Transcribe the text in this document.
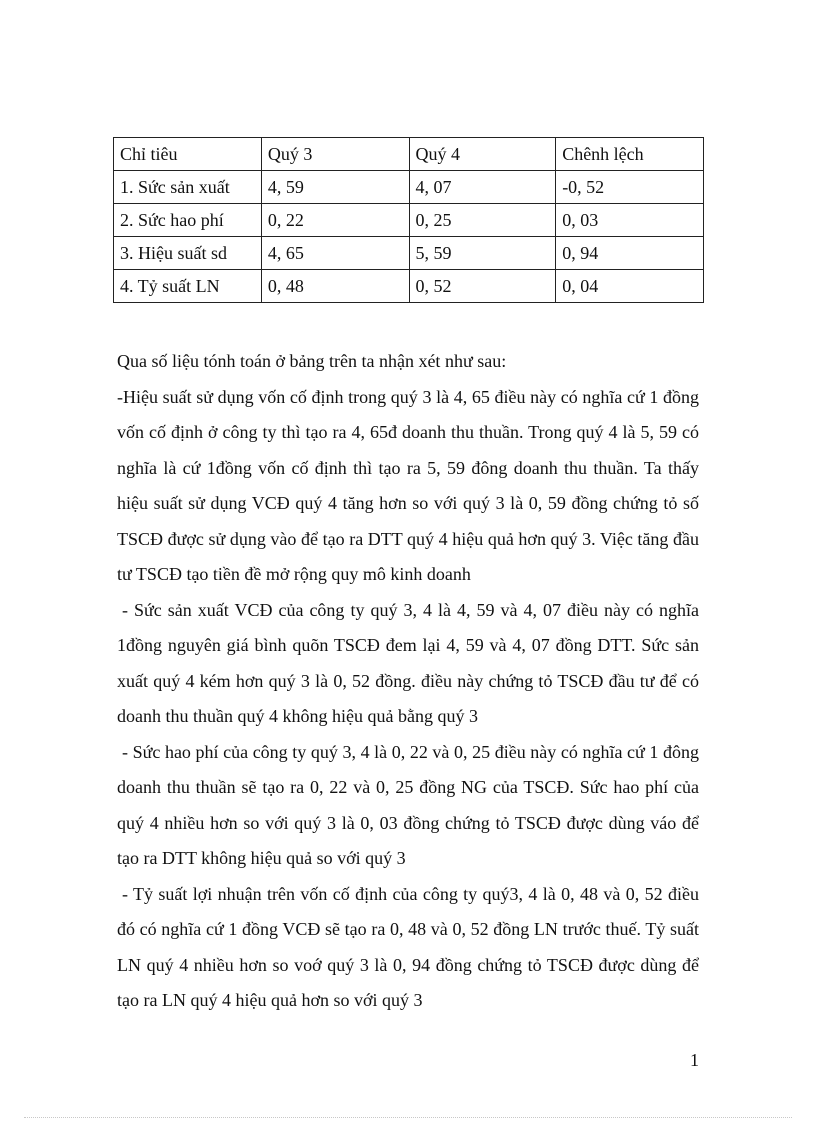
Chỉ tiêu	Quý 3	Quý 4	Chênh lệch
1. Sức sản xuất	4, 59	4, 07	-0, 52
2. Sức hao phí	0, 22	0, 25	0, 03
3. Hiệu suất sd	4, 65	5, 59	0, 94
4. Tỷ suất LN	0, 48	0, 52	0, 04

Qua số liệu tónh toán ở bảng trên ta nhận xét như sau:

-Hiệu suất sử dụng vốn cố định trong quý 3 là 4, 65 điều này có nghĩa cứ 1 đồng vốn cố định ở công ty thì tạo ra 4, 65đ doanh thu thuần. Trong quý 4 là 5, 59 có nghĩa là cứ 1đồng vốn cố định thì tạo ra 5, 59 đông doanh thu thuần. Ta thấy hiệu suất sử dụng VCĐ quý 4 tăng hơn so với quý 3 là 0, 59 đồng chứng tỏ số TSCĐ được sử dụng vào để tạo ra DTT quý 4 hiệu quả hơn quý 3. Việc tăng đầu tư TSCĐ tạo tiền đề mở rộng quy mô kinh doanh

- Sức sản xuất VCĐ của công ty quý 3, 4 là 4, 59 và 4, 07 điều này có nghĩa 1đồng nguyên giá bình quõn TSCĐ đem lại 4, 59 và 4, 07 đồng DTT. Sức sản xuất quý 4 kém hơn quý 3 là 0, 52 đồng. điều này chứng tỏ TSCĐ đầu tư để có doanh thu thuần quý 4 không hiệu quả bằng quý 3

- Sức hao phí của công ty quý 3, 4 là 0, 22 và 0, 25 điều này có nghĩa cứ 1 đông doanh thu thuần sẽ tạo ra 0, 22 và 0, 25 đồng NG của TSCĐ. Sức hao phí của quý 4 nhiều hơn so với quý 3 là 0, 03 đồng chứng tỏ TSCĐ được dùng váo để tạo ra DTT không hiệu quả so với quý 3

- Tỷ suất lợi nhuận trên vốn cố định của công ty quý3, 4 là 0, 48 và 0, 52 điều đó có nghĩa cứ 1 đồng VCĐ sẽ tạo ra 0, 48 và 0, 52 đồng LN trước thuế. Tỷ suất LN quý 4 nhiều hơn so voớ quý 3 là 0, 94 đồng chứng tỏ TSCĐ được dùng để tạo ra LN quý 4 hiệu quả hơn so với quý 3

1
